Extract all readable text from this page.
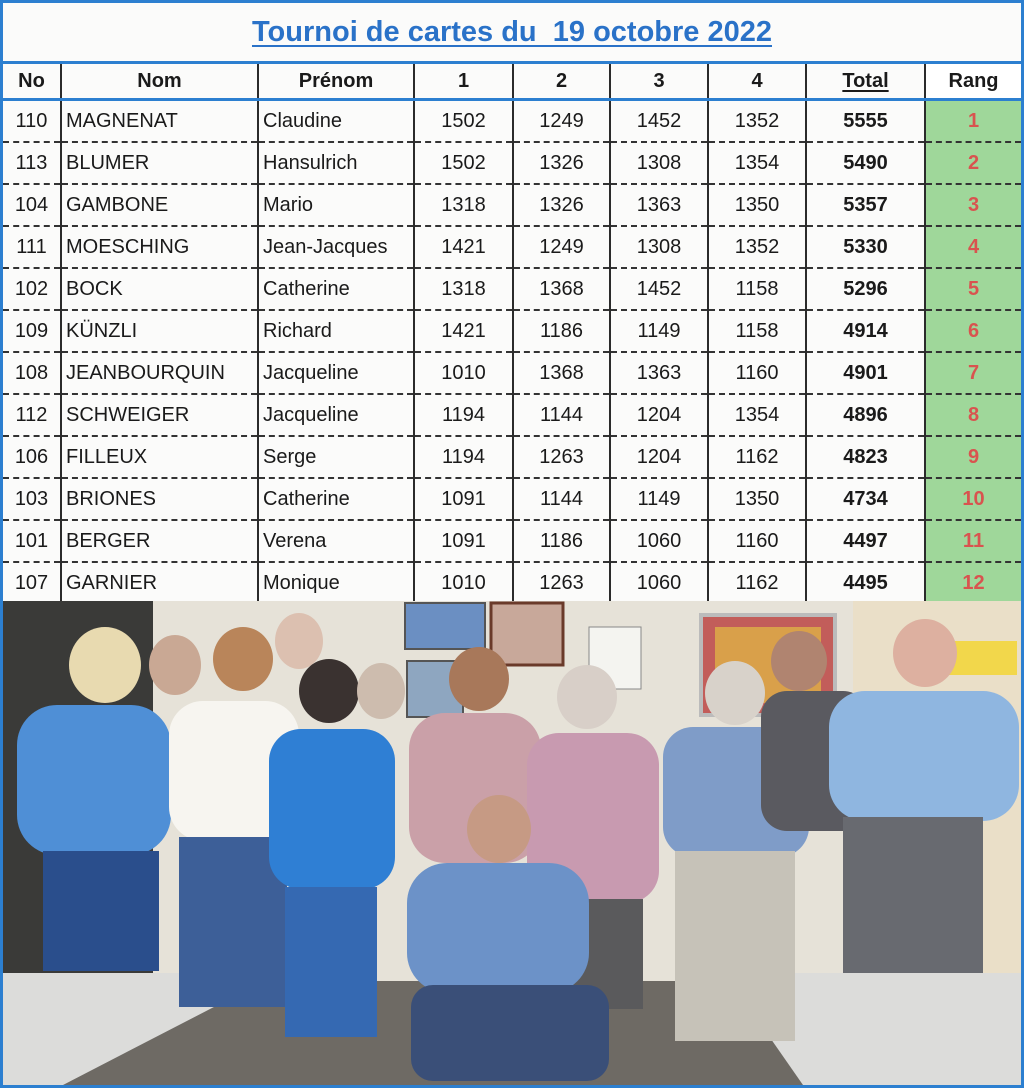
Tournoi de cartes du  19 octobre 2022
No	Nom	Prénom	1	2	3	4	Total	Rang
110	MAGNENAT	Claudine	1502	1249	1452	1352	5555	1
113	BLUMER	Hansulrich	1502	1326	1308	1354	5490	2
104	GAMBONE	Mario	1318	1326	1363	1350	5357	3
111	MOESCHING	Jean-Jacques	1421	1249	1308	1352	5330	4
102	BOCK	Catherine	1318	1368	1452	1158	5296	5
109	KÜNZLI	Richard	1421	1186	1149	1158	4914	6
108	JEANBOURQUIN	Jacqueline	1010	1368	1363	1160	4901	7
112	SCHWEIGER	Jacqueline	1194	1144	1204	1354	4896	8
106	FILLEUX	Serge	1194	1263	1204	1162	4823	9
103	BRIONES	Catherine	1091	1144	1149	1350	4734	10
101	BERGER	Verena	1091	1186	1060	1160	4497	11
107	GARNIER	Monique	1010	1263	1060	1162	4495	12
